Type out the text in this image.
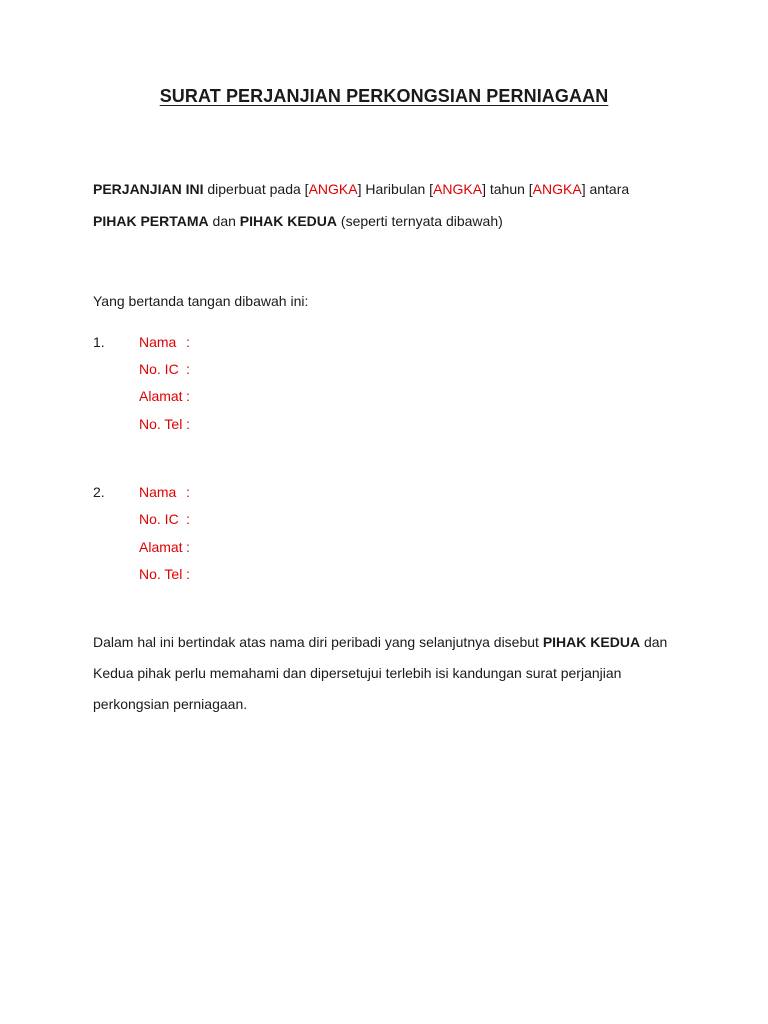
SURAT PERJANJIAN PERKONGSIAN PERNIAGAAN
PERJANJIAN INI diperbuat pada [ANGKA] Haribulan [ANGKA] tahun [ANGKA] antara
PIHAK PERTAMA dan PIHAK KEDUA (seperti ternyata dibawah)
Yang bertanda tangan dibawah ini:
1. Nama :
No. IC :
Alamat :
No. Tel :
2. Nama :
No. IC :
Alamat :
No. Tel :
Dalam hal ini bertindak atas nama diri peribadi yang selanjutnya disebut PIHAK KEDUA dan
Kedua pihak perlu memahami dan dipersetujui terlebih isi kandungan surat perjanjian
perkongsian perniagaan.
